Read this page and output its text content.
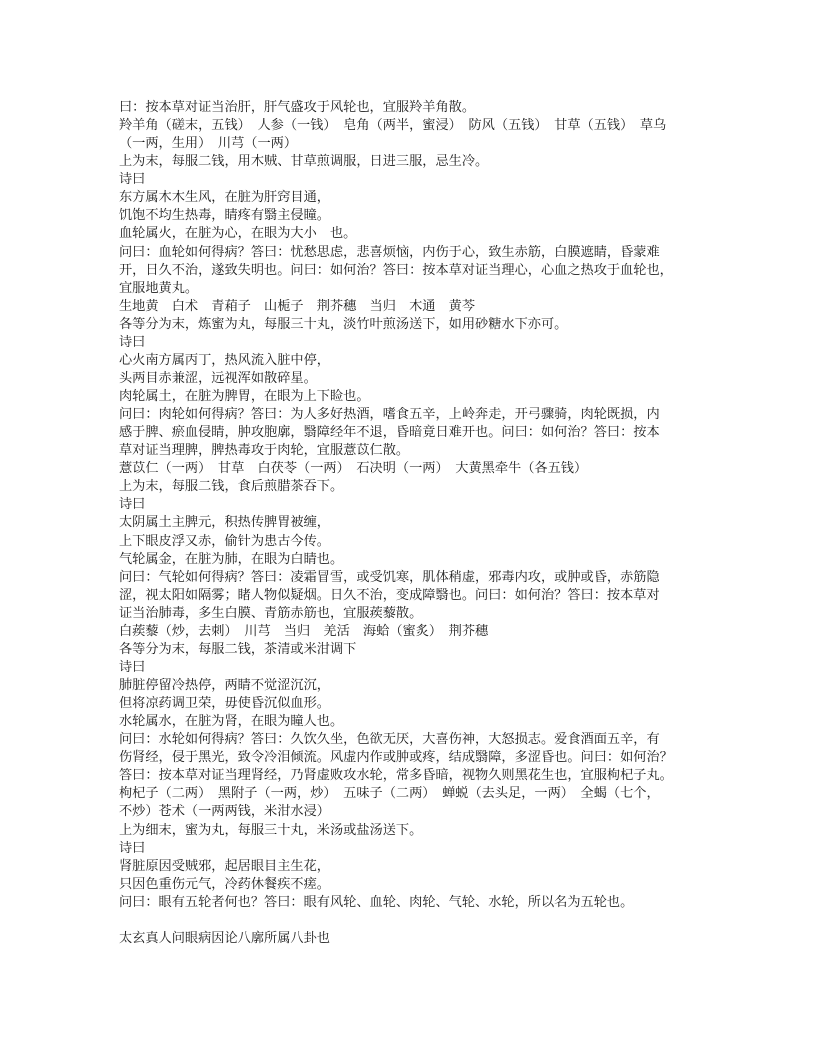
曰：按本草对证当治肝，肝气盛攻于风轮也，宜服羚羊角散。
羚羊角（磋末，五钱）　人参（一钱）　皂角（两半，蜜浸）　防风（五钱）　甘草（五钱）　草乌
（一两，生用）　川芎（一两）
上为末，每服二钱，用木贼、甘草煎调服，日进三服，忌生冷。
诗曰
东方属木木生风，在脏为肝窍目通，
饥饱不均生热毒，睛疼有翳主侵瞳。
血轮属火，在脏为心，在眼为大小　也。
问曰：血轮如何得病？答曰：忧愁思虑，悲喜烦恼，内伤于心，致生赤筋，白膜遮睛，昏蒙难
开，日久不治，遂致失明也。问曰：如何治？答曰：按本草对证当理心，心血之热攻于血轮也，
宜服地黄丸。
生地黄　白术　青葙子　山栀子　荆芥穗　当归　木通　黄芩
各等分为末，炼蜜为丸，每服三十丸，淡竹叶煎汤送下，如用砂糖水下亦可。
诗曰
心火南方属丙丁，热风流入脏中停，
头两目赤兼涩，远视浑如散碎星。
肉轮属土，在脏为脾胃，在眼为上下睑也。
问曰：肉轮如何得病？答曰：为人多好热酒，嗜食五辛，上岭奔走，开弓骤骑，肉轮既损，内
感于脾、瘀血侵睛，肿攻胞廓，翳障经年不退，昏暗竟日难开也。问曰：如何治？答曰：按本
草对证当理脾，脾热毒攻于肉轮，宜服薏苡仁散。
薏苡仁（一两）　甘草　白茯苓（一两）　石决明（一两）　大黄黑牵牛（各五钱）
上为末，每服二钱，食后煎腊茶吞下。
诗曰
太阴属土主脾元，积热传脾胃被缠，
上下眼皮浮又赤，偷针为患古今传。
气轮属金，在脏为肺，在眼为白睛也。
问曰：气轮如何得病？答曰：凌霜冒雪，或受饥寒，肌体稍虚，邪毒内攻，或肿或昏，赤筋隐
涩，视太阳如隔雾；睹人物似疑烟。日久不治，变成障翳也。问曰：如何治？答曰：按本草对
证当治肺毒，多生白膜、青筋赤筋也，宜服蒺藜散。
白蒺藜（炒，去刺）　川芎　当归　羌活　海蛤（蜜炙）　荆芥穗
各等分为末，每服二钱，茶清或米泔调下
诗曰
肺脏停留冷热停，两睛不觉涩沉沉，
但将凉药调卫荣，毋使昏沉似血形。
水轮属水，在脏为肾，在眼为瞳人也。
问曰：水轮如何得病？答曰：久饮久坐，色欲无厌，大喜伤神，大怒损志。爱食酒面五辛，有
伤肾经，侵于黑光，致令冷泪倾流。风虚内作或肿或疼，结成翳障，多涩昏也。问曰：如何治？
答曰：按本草对证当理肾经，乃肾虚败攻水轮，常多昏暗，视物久则黑花生也，宜服枸杞子丸。
枸杞子（二两）　黑附子（一两，炒）　五味子（二两）　蝉蜕（去头足，一两）　全蝎（七个，
不炒）苍术（一两两钱，米泔水浸）
上为细末，蜜为丸，每服三十丸，米汤或盐汤送下。
诗曰
肾脏原因受贼邪，起居眼目主生花，
只因色重伤元气，冷药休餐疾不瘥。
问曰：眼有五轮者何也？答曰：眼有风轮、血轮、肉轮、气轮、水轮，所以名为五轮也。
太玄真人问眼病因论八廓所属八卦也
